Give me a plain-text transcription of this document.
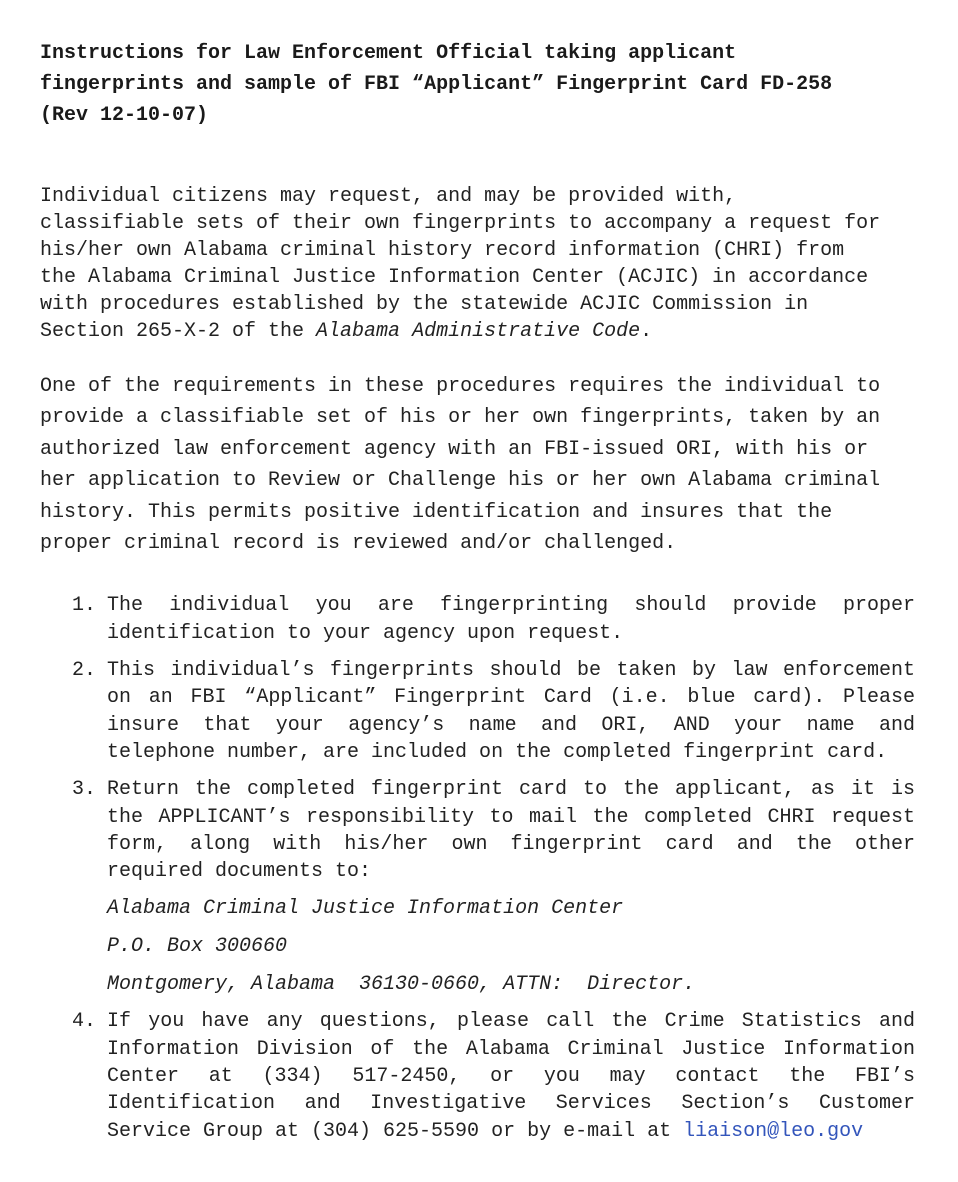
Instructions for Law Enforcement Official taking applicant
fingerprints and sample of FBI “Applicant” Fingerprint Card FD-258
(Rev 12-10-07)

Individual citizens may request, and may be provided with,
classifiable sets of their own fingerprints to accompany a request for
his/her own Alabama criminal history record information (CHRI) from
the Alabama Criminal Justice Information Center (ACJIC) in accordance
with procedures established by the statewide ACJIC Commission in
Section 265-X-2 of the Alabama Administrative Code.

One of the requirements in these procedures requires the individual to
provide a classifiable set of his or her own fingerprints, taken by an
authorized law enforcement agency with an FBI-issued ORI, with his or
her application to Review or Challenge his or her own Alabama criminal
history. This permits positive identification and insures that the
proper criminal record is reviewed and/or challenged.

1. The individual you are fingerprinting should provide proper
identification to your agency upon request.
2. This individual’s fingerprints should be taken by law enforcement
on an FBI “Applicant” Fingerprint Card (i.e. blue card). Please
insure that your agency’s name and ORI, AND your name and
telephone number, are included on the completed fingerprint card.
3. Return the completed fingerprint card to the applicant, as it is
the APPLICANT’s responsibility to mail the completed CHRI request
form, along with his/her own fingerprint card and the other
required documents to:
Alabama Criminal Justice Information Center
P.O. Box 300660
Montgomery, Alabama  36130-0660, ATTN:  Director.
4. If you have any questions, please call the Crime Statistics and
Information Division of the Alabama Criminal Justice Information
Center at (334) 517-2450, or you may contact the FBI’s
Identification and Investigative Services Section’s Customer
Service Group at (304) 625-5590 or by e-mail at liaison@leo.gov
